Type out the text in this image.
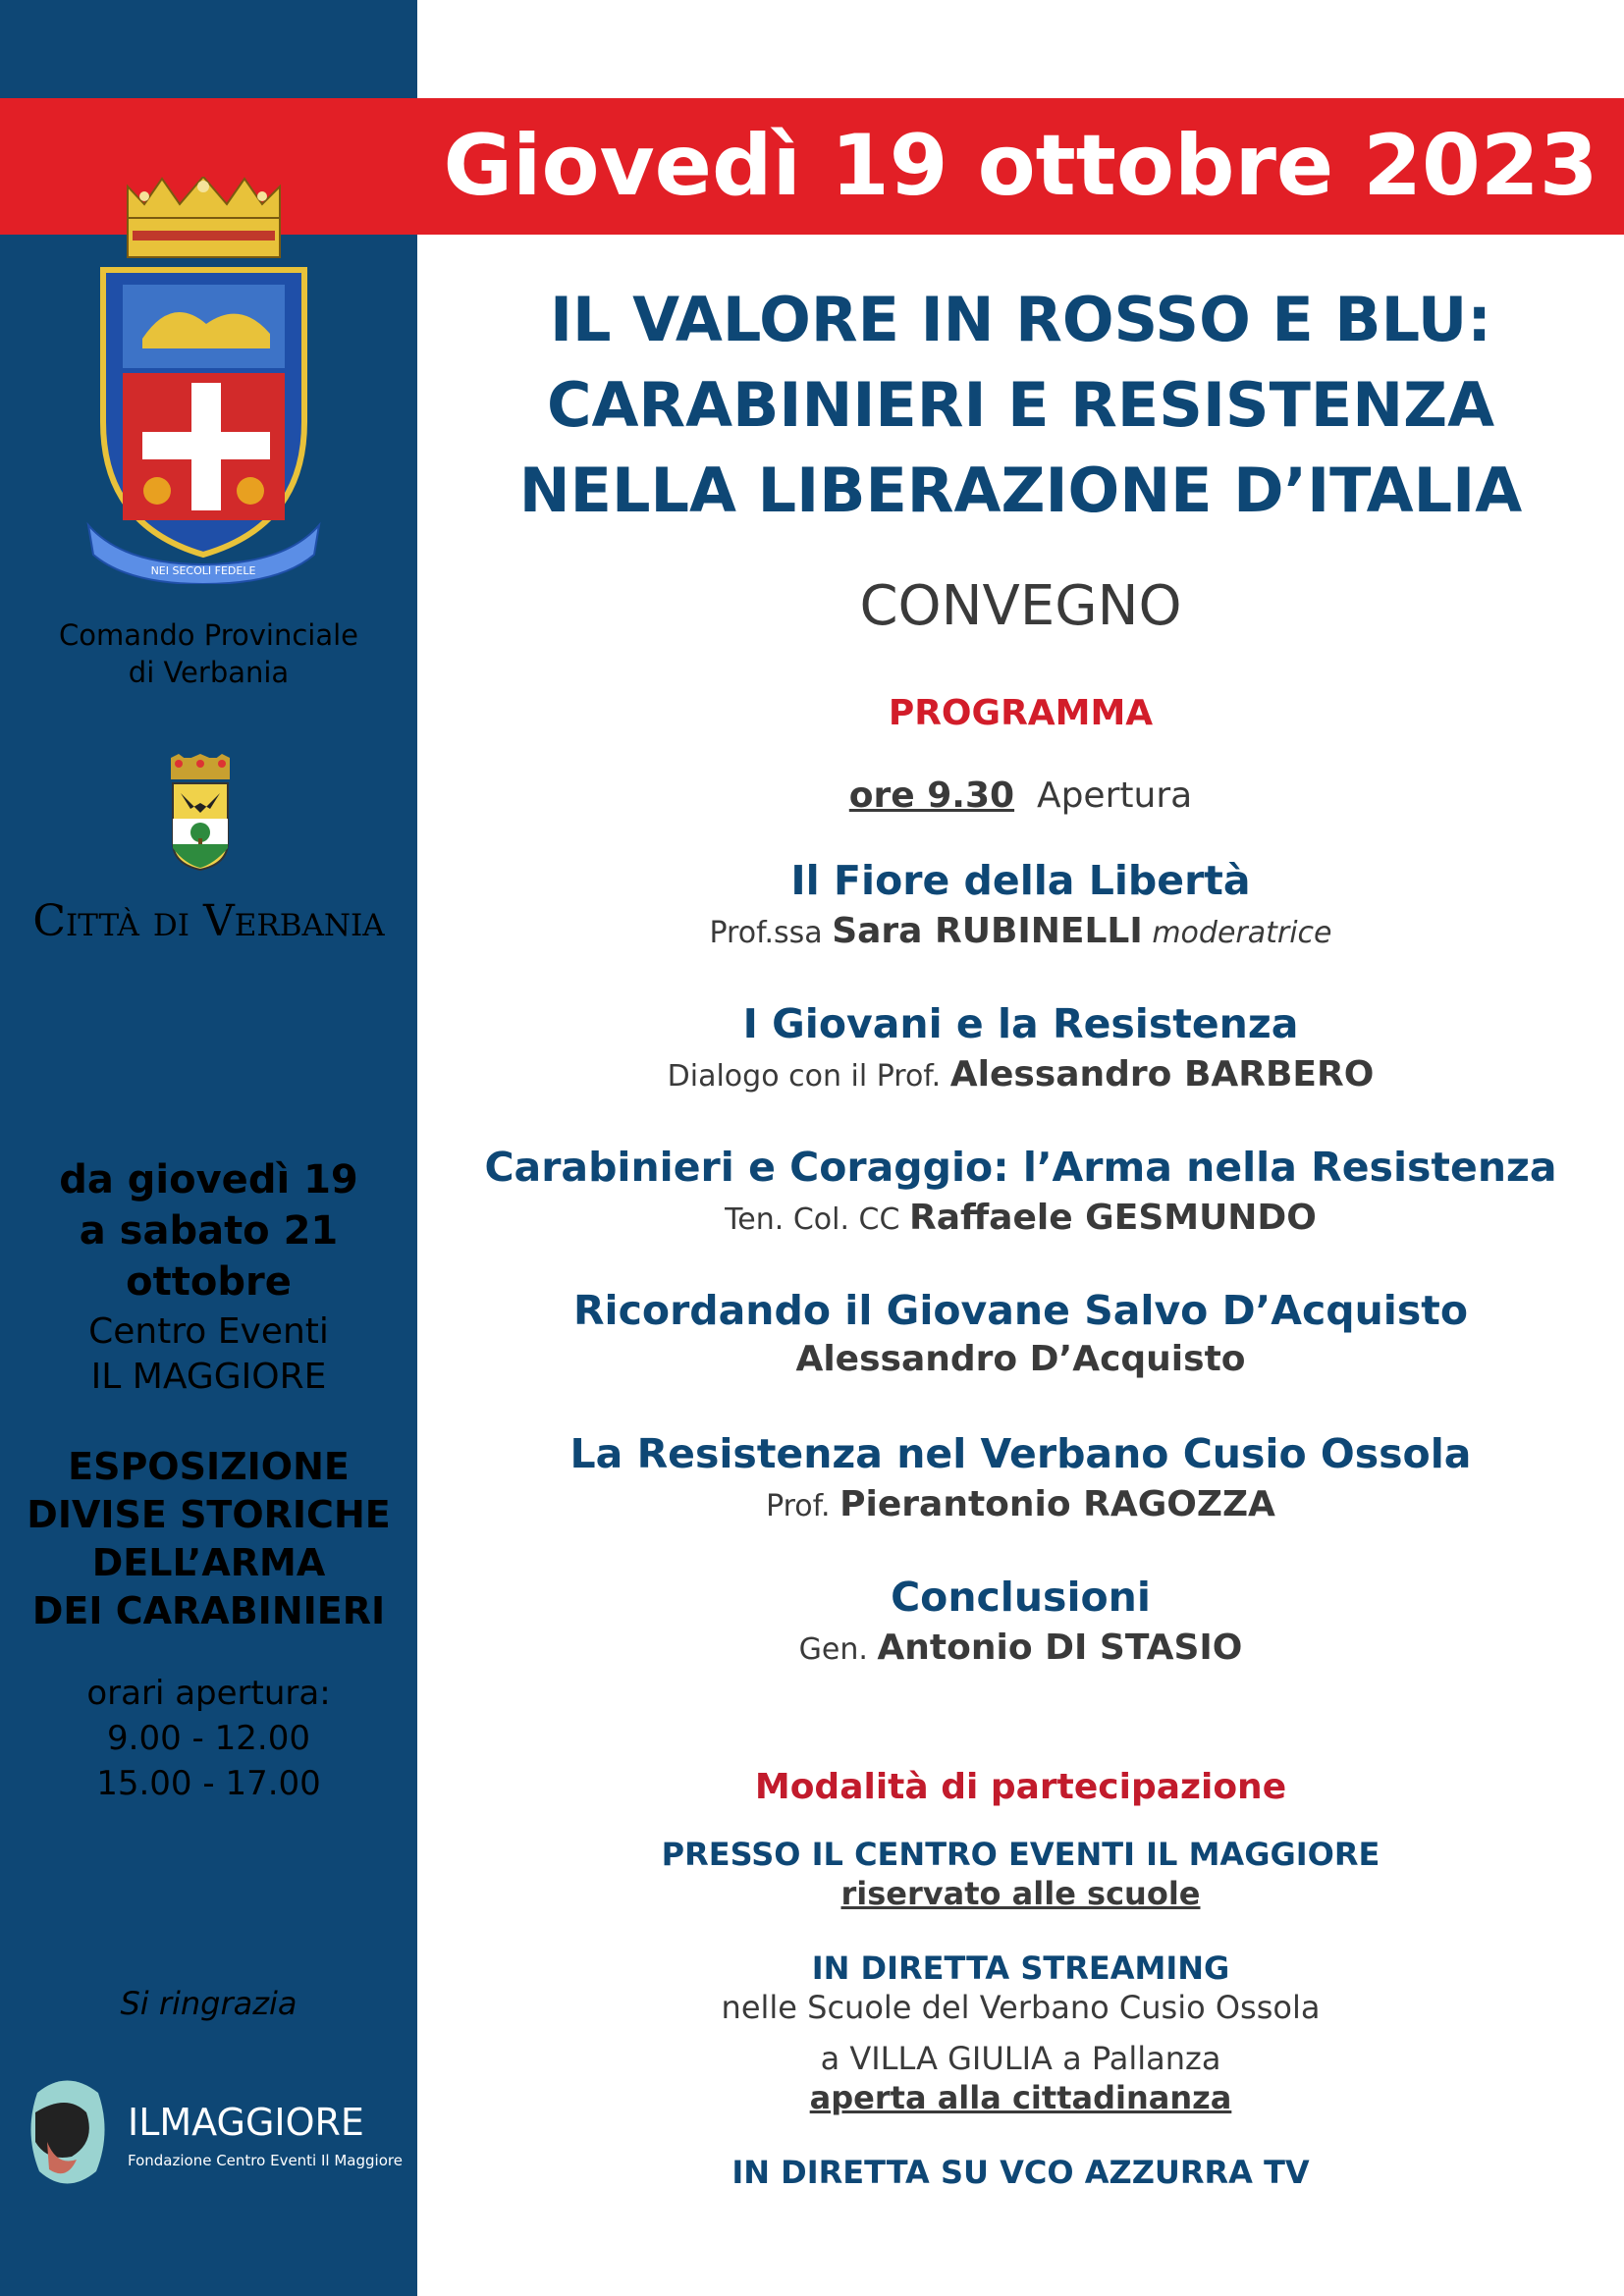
Giovedì 19 ottobre 2023
NEI SECOLI FEDELE
Comando Provinciale
di Verbania
Città di Verbania
da giovedì 19
a sabato 21
ottobre
Centro Eventi
IL MAGGIORE
ESPOSIZIONE
DIVISE STORICHE
DELL’ARMA
DEI CARABINIERI
orari apertura:
9.00 - 12.00
15.00 - 17.00
Si ringrazia
ILMAGGIORE
Fondazione Centro Eventi Il Maggiore
IL VALORE IN ROSSO E BLU:
CARABINIERI E RESISTENZA
NELLA LIBERAZIONE D’ITALIA
CONVEGNO
PROGRAMMA
ore 9.30 Apertura
Il Fiore della Libertà
Prof.ssa Sara RUBINELLI moderatrice
I Giovani e la Resistenza
Dialogo con il Prof. Alessandro BARBERO
Carabinieri e Coraggio: l’Arma nella Resistenza
Ten. Col. CC Raffaele GESMUNDO
Ricordando il Giovane Salvo D’Acquisto
Alessandro D’Acquisto
La Resistenza nel Verbano Cusio Ossola
Prof. Pierantonio RAGOZZA
Conclusioni
Gen. Antonio DI STASIO
Modalità di partecipazione
PRESSO IL CENTRO EVENTI IL MAGGIORE
riservato alle scuole
IN DIRETTA STREAMING
nelle Scuole del Verbano Cusio Ossola
a VILLA GIULIA a Pallanza
aperta alla cittadinanza
IN DIRETTA SU VCO AZZURRA TV
